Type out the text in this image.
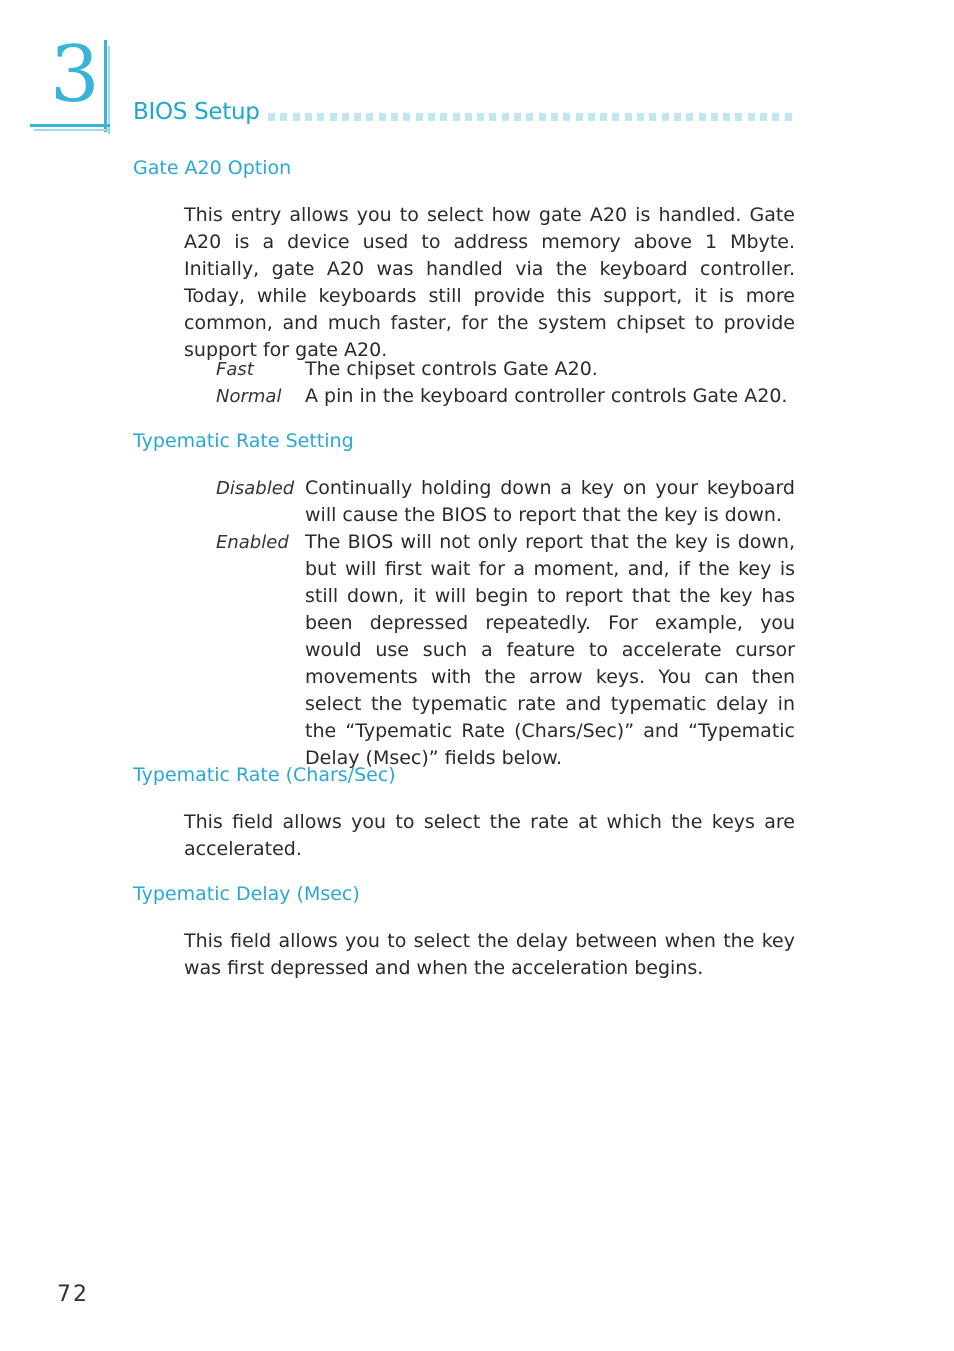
3 BIOS Setup
Gate A20 Option
This entry allows you to select how gate A20 is handled. Gate A20 is a device used to address memory above 1 Mbyte. Initially, gate A20 was handled via the keyboard controller. Today, while keyboards still provide this support, it is more common, and much faster, for the system chipset to provide support for gate A20.
Fast	The chipset controls Gate A20.
Normal A pin in the keyboard controller controls Gate A20.
Typematic Rate Setting
Disabled Continually holding down a key on your keyboard will cause the BIOS to report that the key is down.
Enabled The BIOS will not only report that the key is down, but will first wait for a moment, and, if the key is still down, it will begin to report that the key has been depressed repeatedly. For example, you would use such a feature to accelerate cursor movements with the arrow keys. You can then select the typematic rate and typematic delay in the “Typematic Rate (Chars/Sec)” and “Typematic Delay (Msec)” fields below.
Typematic Rate (Chars/Sec)
This field allows you to select the rate at which the keys are accelerated.
Typematic Delay (Msec)
This field allows you to select the delay between when the key was first depressed and when the acceleration begins.
72
